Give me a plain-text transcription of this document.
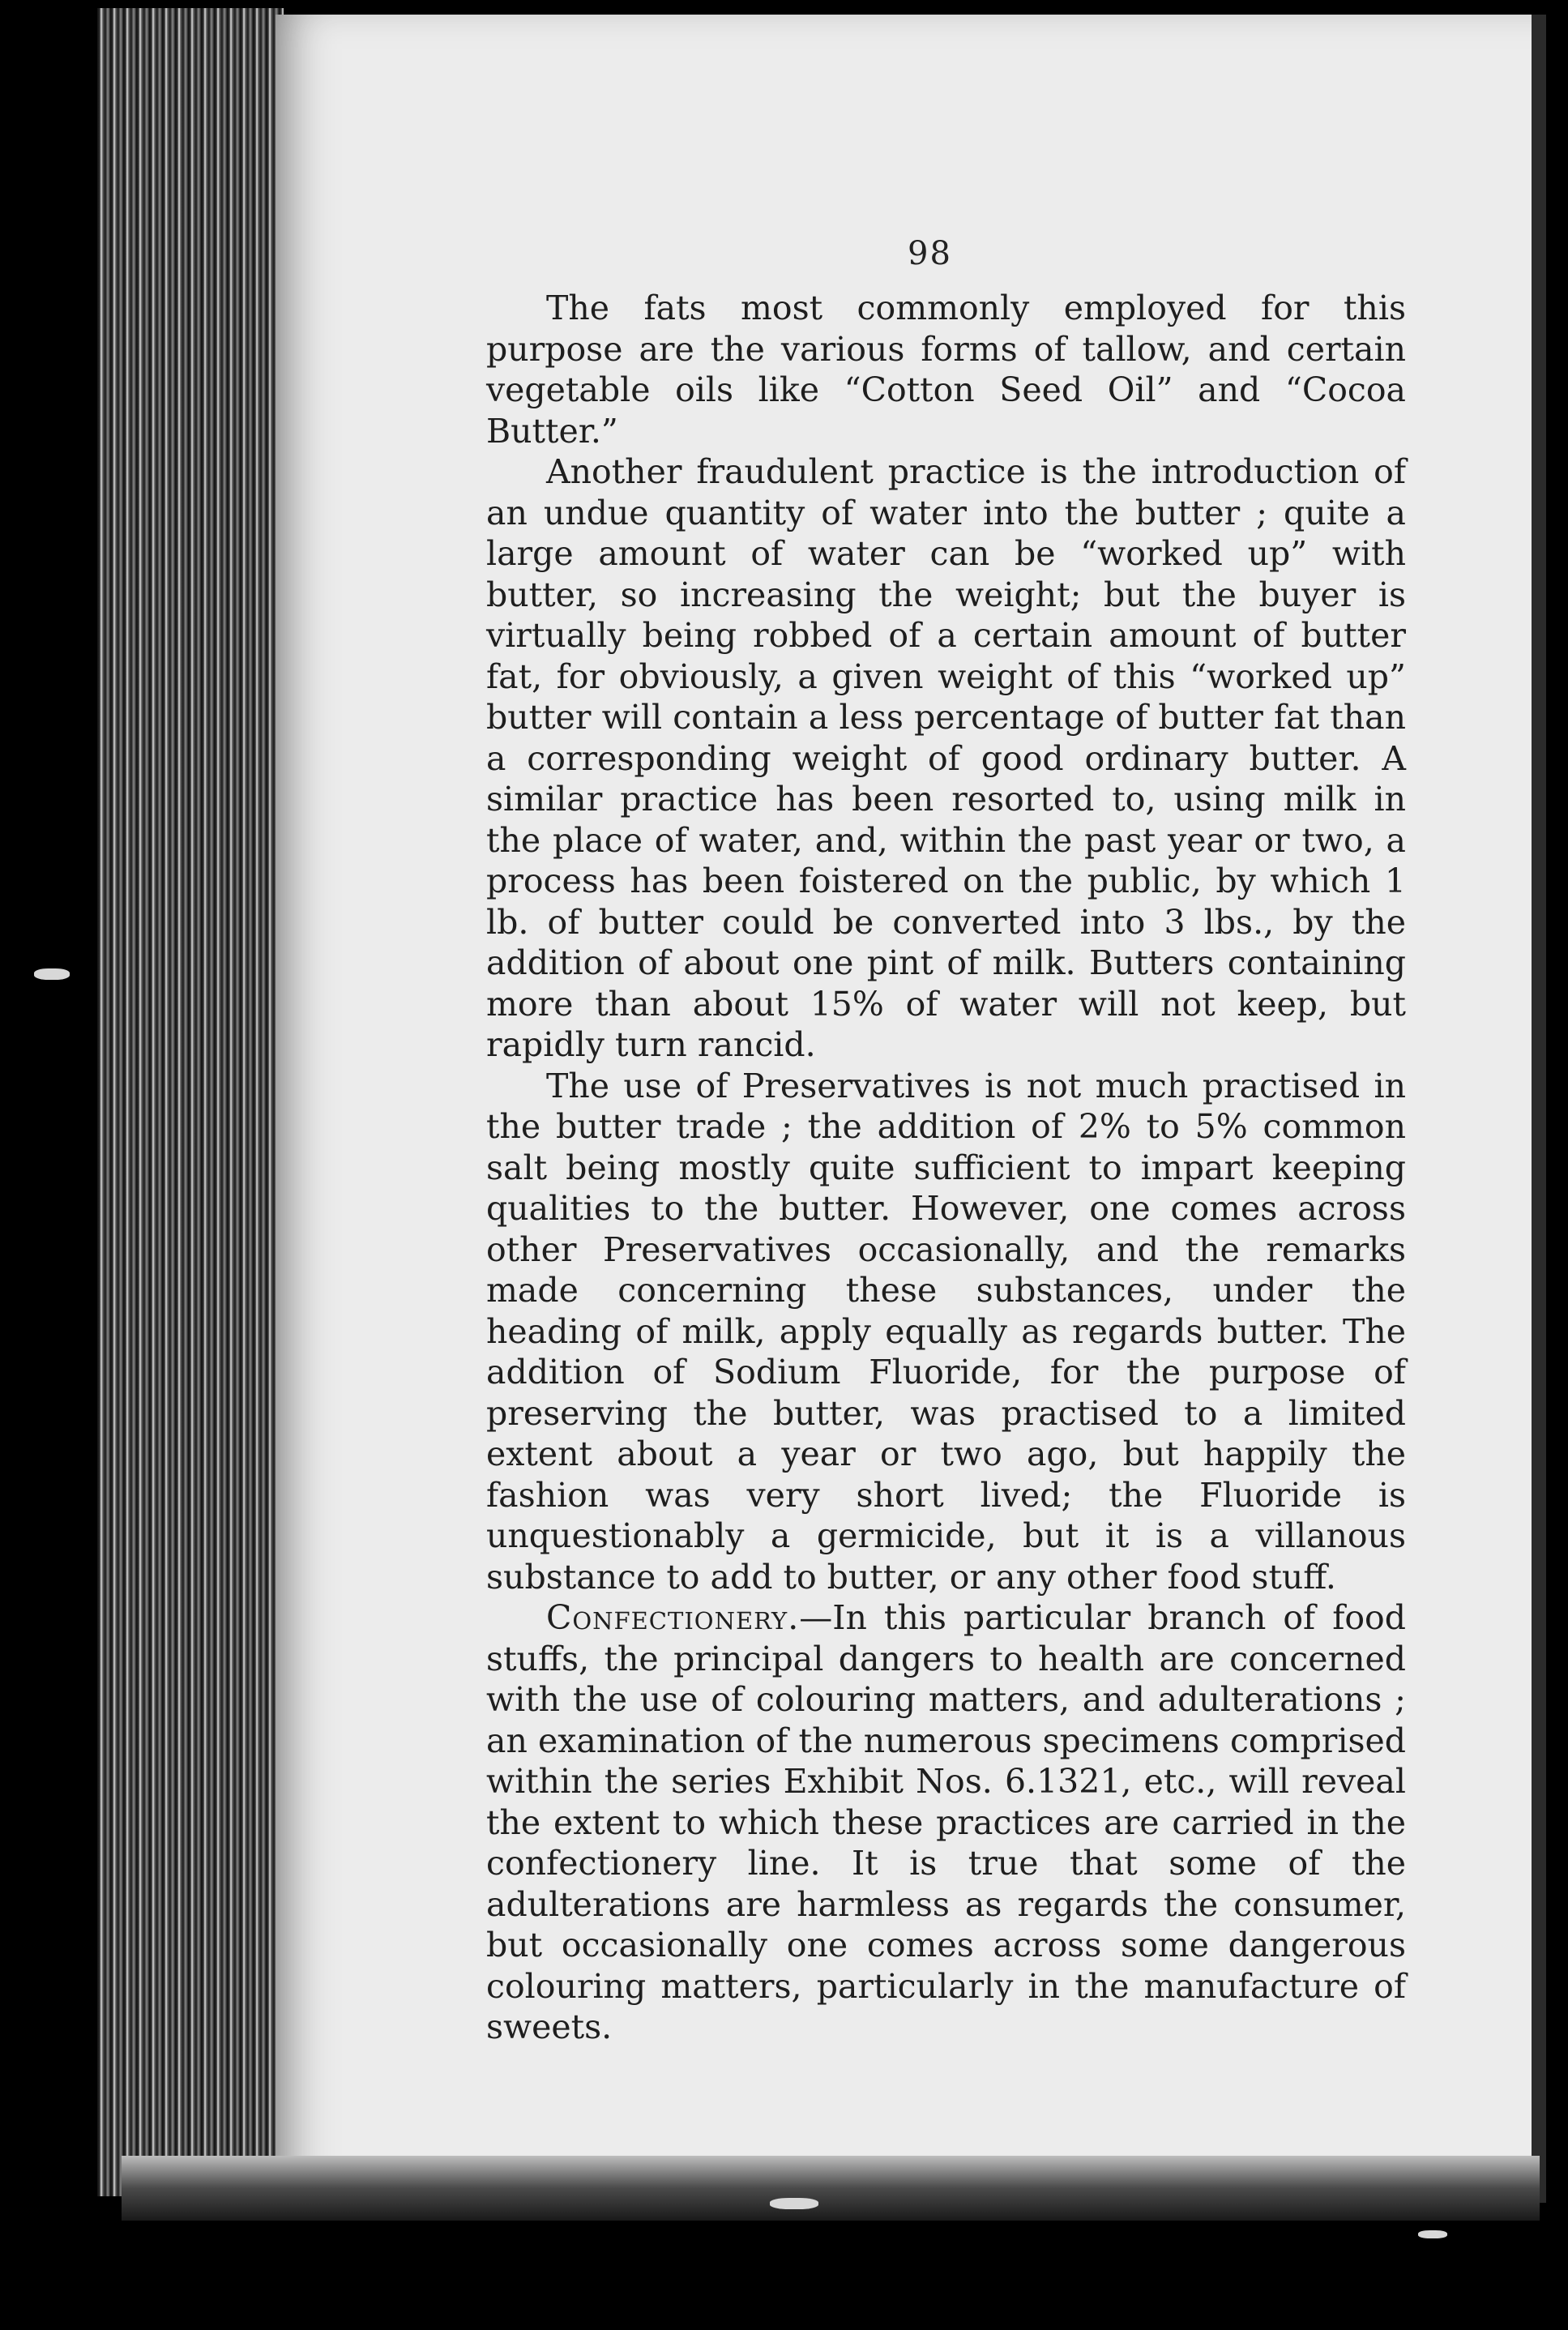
98

The fats most commonly employed for this purpose are the various forms of tallow, and certain vegetable oils like “Cotton Seed Oil” and “Cocoa Butter.”

Another fraudulent practice is the introduction of an undue quantity of water into the butter ; quite a large amount of water can be “worked up” with butter, so increasing the weight; but the buyer is virtually being robbed of a certain amount of butter fat, for obviously, a given weight of this “worked up” butter will contain a less percentage of butter fat than a corresponding weight of good ordinary butter. A similar practice has been resorted to, using milk in the place of water, and, within the past year or two, a process has been foistered on the public, by which 1 lb. of butter could be converted into 3 lbs., by the addition of about one pint of milk. Butters containing more than about 15% of water will not keep, but rapidly turn rancid.

The use of Preservatives is not much practised in the butter trade ; the addition of 2% to 5% common salt being mostly quite sufficient to impart keeping qualities to the butter. However, one comes across other Preservatives occasionally, and the remarks made concerning these substances, under the heading of milk, apply equally as regards butter. The addition of Sodium Fluoride, for the purpose of preserving the butter, was practised to a limited extent about a year or two ago, but happily the fashion was very short lived; the Fluoride is unquestionably a germicide, but it is a villanous substance to add to butter, or any other food stuff.

Confectionery.—In this particular branch of food stuffs, the principal dangers to health are concerned with the use of colouring matters, and adulterations ; an examination of the numerous specimens comprised within the series Exhibit Nos. 6.1321, etc., will reveal the extent to which these practices are carried in the confectionery line. It is true that some of the adulterations are harmless as regards the consumer, but occasionally one comes across some dangerous colouring matters, particularly in the manufacture of sweets.
